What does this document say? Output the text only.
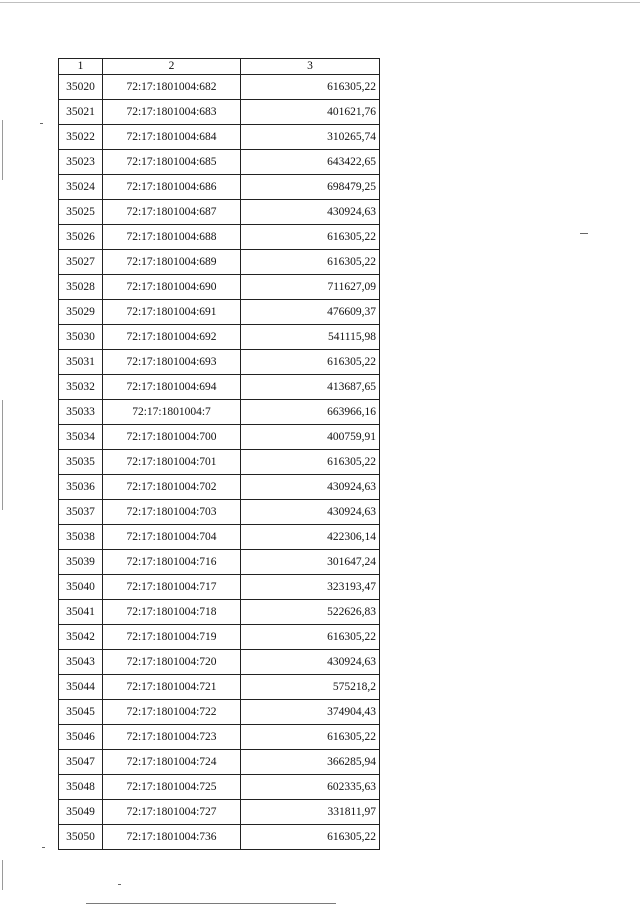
1	2	3
35020	72:17:1801004:682	616305,22
35021	72:17:1801004:683	401621,76
35022	72:17:1801004:684	310265,74
35023	72:17:1801004:685	643422,65
35024	72:17:1801004:686	698479,25
35025	72:17:1801004:687	430924,63
35026	72:17:1801004:688	616305,22
35027	72:17:1801004:689	616305,22
35028	72:17:1801004:690	711627,09
35029	72:17:1801004:691	476609,37
35030	72:17:1801004:692	541115,98
35031	72:17:1801004:693	616305,22
35032	72:17:1801004:694	413687,65
35033	72:17:1801004:7	663966,16
35034	72:17:1801004:700	400759,91
35035	72:17:1801004:701	616305,22
35036	72:17:1801004:702	430924,63
35037	72:17:1801004:703	430924,63
35038	72:17:1801004:704	422306,14
35039	72:17:1801004:716	301647,24
35040	72:17:1801004:717	323193,47
35041	72:17:1801004:718	522626,83
35042	72:17:1801004:719	616305,22
35043	72:17:1801004:720	430924,63
35044	72:17:1801004:721	575218,2
35045	72:17:1801004:722	374904,43
35046	72:17:1801004:723	616305,22
35047	72:17:1801004:724	366285,94
35048	72:17:1801004:725	602335,63
35049	72:17:1801004:727	331811,97
35050	72:17:1801004:736	616305,22
